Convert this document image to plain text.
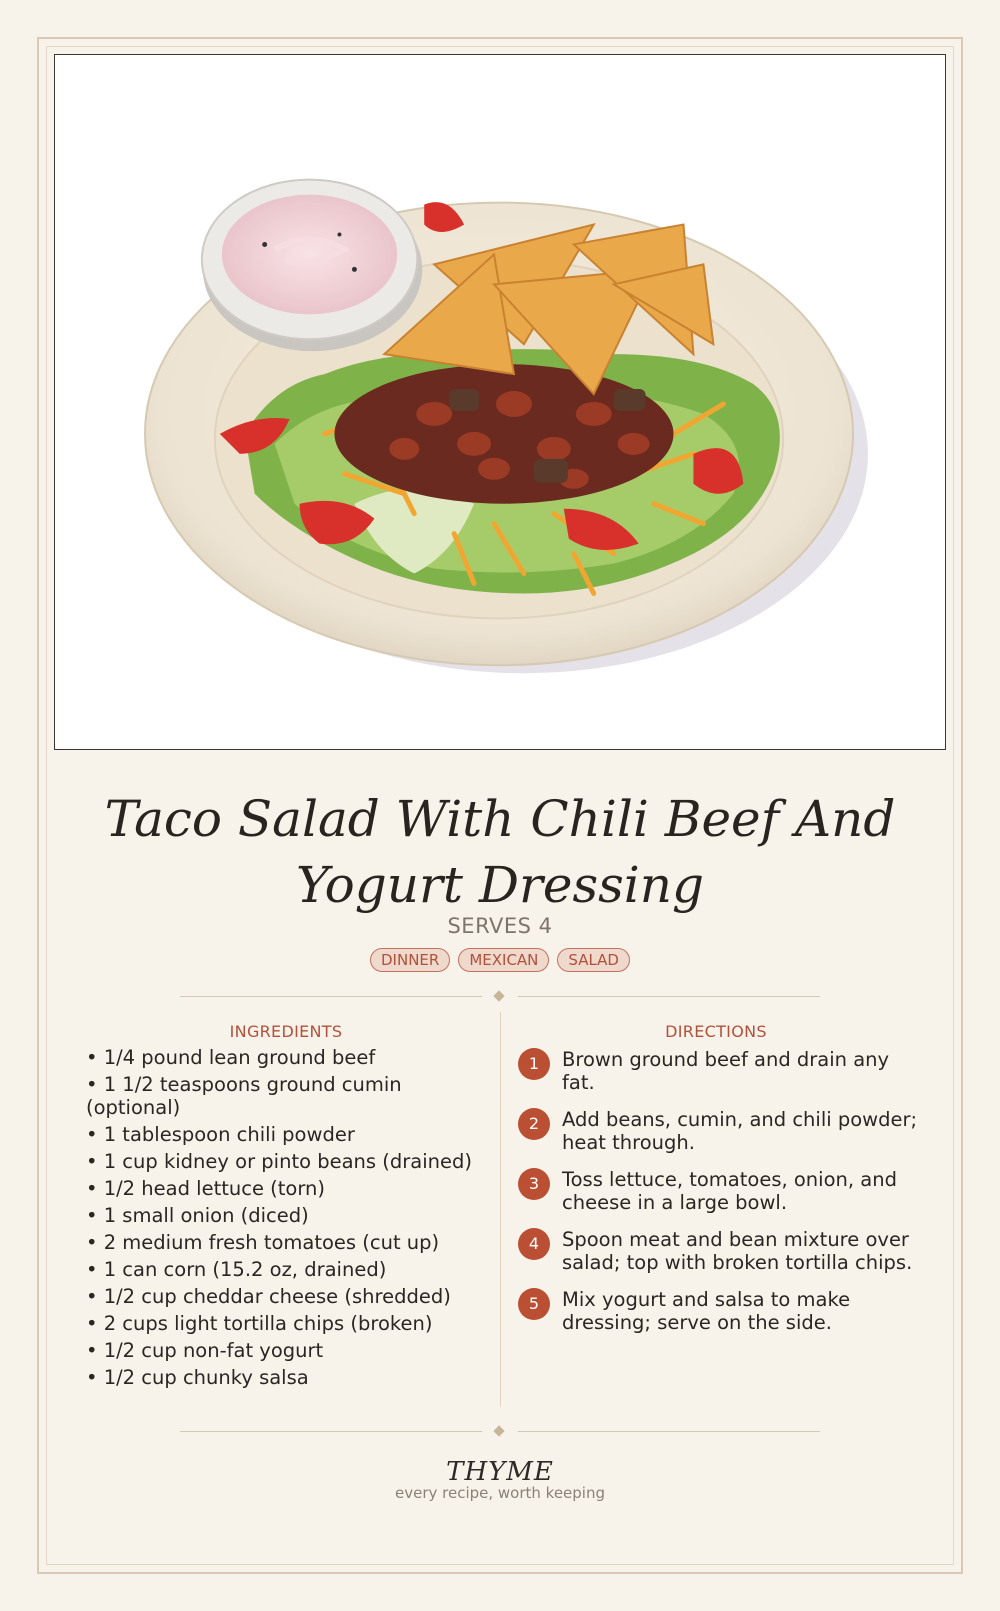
Taco Salad With Chili Beef And Yogurt Dressing
SERVES 4
DINNER	MEXICAN	SALAD
INGREDIENTS
• 1/4 pound lean ground beef
• 1 1/2 teaspoons ground cumin (optional)
• 1 tablespoon chili powder
• 1 cup kidney or pinto beans (drained)
• 1/2 head lettuce (torn)
• 1 small onion (diced)
• 2 medium fresh tomatoes (cut up)
• 1 can corn (15.2 oz, drained)
• 1/2 cup cheddar cheese (shredded)
• 2 cups light tortilla chips (broken)
• 1/2 cup non-fat yogurt
• 1/2 cup chunky salsa
DIRECTIONS
1	Brown ground beef and drain any fat.
2	Add beans, cumin, and chili powder; heat through.
3	Toss lettuce, tomatoes, onion, and cheese in a large bowl.
4	Spoon meat and bean mixture over salad; top with broken tortilla chips.
5	Mix yogurt and salsa to make dressing; serve on the side.
THYME
every recipe, worth keeping
